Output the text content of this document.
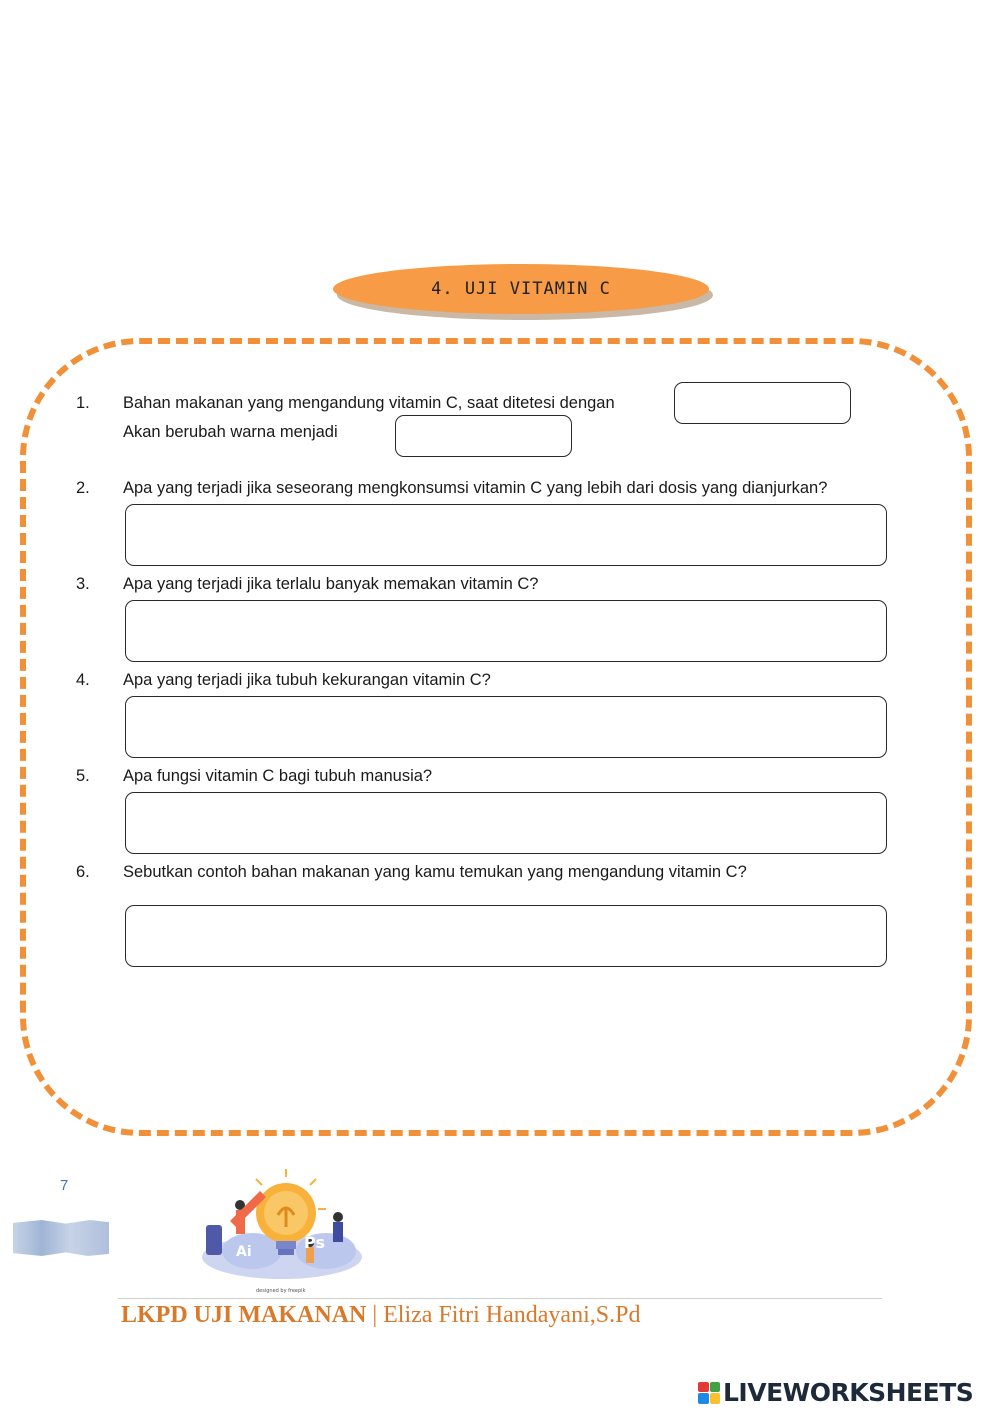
4. UJI VITAMIN C
1. Bahan makanan yang mengandung vitamin C, saat ditetesi dengan
Akan berubah warna menjadi
2. Apa yang terjadi jika seseorang mengkonsumsi vitamin C yang lebih dari dosis yang dianjurkan?
3. Apa yang terjadi jika terlalu banyak memakan vitamin C?
4. Apa yang terjadi jika tubuh kekurangan vitamin C?
5. Apa fungsi vitamin C bagi tubuh manusia?
6. Sebutkan contoh bahan makanan yang kamu temukan yang mengandung vitamin C?
7
Ai	Ps
designed by freepik
LKPD UJI MAKANAN | Eliza Fitri Handayani,S.Pd
LIVEWORKSHEETS
